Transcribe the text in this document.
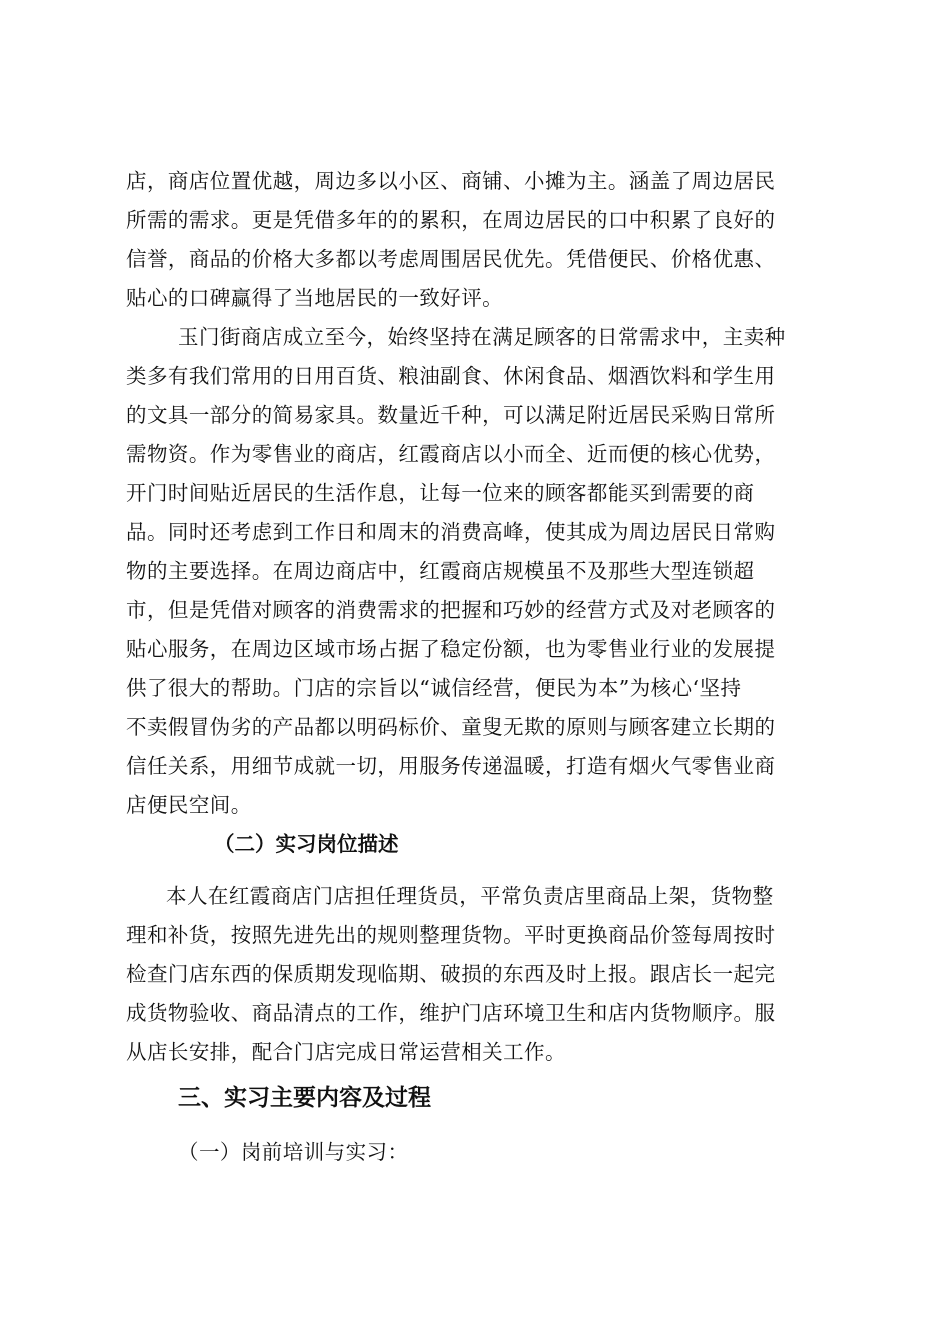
店，商店位置优越，周边多以小区、商铺、小摊为主。涵盖了周边居民
所需的需求。更是凭借多年的的累积，在周边居民的口中积累了良好的
信誉，商品的价格大多都以考虑周围居民优先。凭借便民、价格优惠、
贴心的口碑赢得了当地居民的一致好评。
玉门街商店成立至今，始终坚持在满足顾客的日常需求中，主卖种
类多有我们常用的日用百货、粮油副食、休闲食品、烟酒饮料和学生用
的文具一部分的简易家具。数量近千种，可以满足附近居民采购日常所
需物资。作为零售业的商店，红霞商店以小而全、近而便的核心优势，
开门时间贴近居民的生活作息，让每一位来的顾客都能买到需要的商
品。同时还考虑到工作日和周末的消费高峰，使其成为周边居民日常购
物的主要选择。在周边商店中，红霞商店规模虽不及那些大型连锁超
市，但是凭借对顾客的消费需求的把握和巧妙的经营方式及对老顾客的
贴心服务，在周边区域市场占据了稳定份额，也为零售业行业的发展提
供了很大的帮助。门店的宗旨以“诚信经营，便民为本”为核心‘坚持
不卖假冒伪劣的产品都以明码标价、童叟无欺的原则与顾客建立长期的
信任关系，用细节成就一切，用服务传递温暖，打造有烟火气零售业商
店便民空间。
（二）实习岗位描述
本人在红霞商店门店担任理货员，平常负责店里商品上架，货物整
理和补货，按照先进先出的规则整理货物。平时更换商品价签每周按时
检查门店东西的保质期发现临期、破损的东西及时上报。跟店长一起完
成货物验收、商品清点的工作，维护门店环境卫生和店内货物顺序。服
从店长安排，配合门店完成日常运营相关工作。
三、实习主要内容及过程
（一）岗前培训与实习：
